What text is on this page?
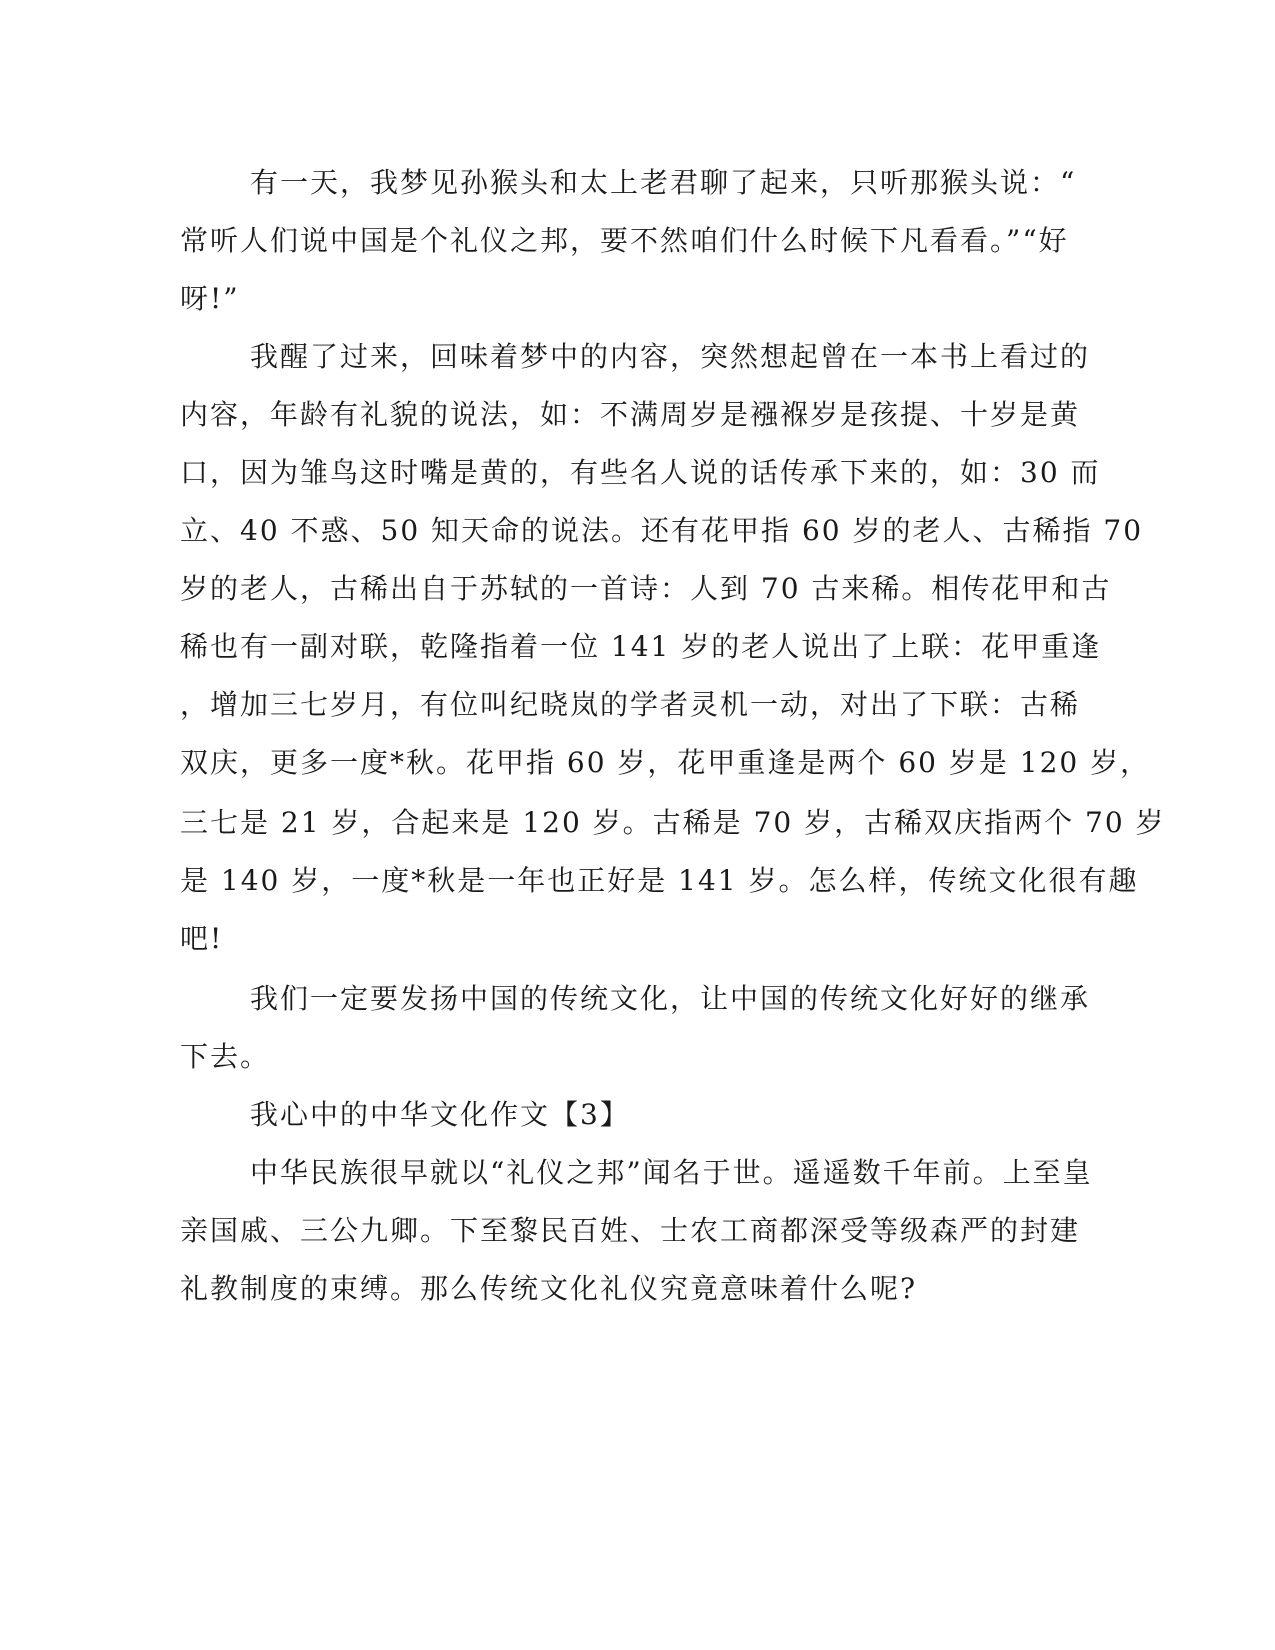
有一天，我梦见孙猴头和太上老君聊了起来，只听那猴头说：“
常听人们说中国是个礼仪之邦，要不然咱们什么时候下凡看看。”“好
呀!”
我醒了过来，回味着梦中的内容，突然想起曾在一本书上看过的
内容，年龄有礼貌的说法，如：不满周岁是襁褓岁是孩提、十岁是黄
口，因为雏鸟这时嘴是黄的，有些名人说的话传承下来的，如：30 而
立、40 不惑、50 知天命的说法。还有花甲指 60 岁的老人、古稀指 70
岁的老人，古稀出自于苏轼的一首诗：人到 70 古来稀。相传花甲和古
稀也有一副对联，乾隆指着一位 141 岁的老人说出了上联：花甲重逢
，增加三七岁月，有位叫纪晓岚的学者灵机一动，对出了下联：古稀
双庆，更多一度*秋。花甲指 60 岁，花甲重逢是两个 60 岁是 120 岁，
三七是 21 岁，合起来是 120 岁。古稀是 70 岁，古稀双庆指两个 70 岁
是 140 岁，一度*秋是一年也正好是 141 岁。怎么样，传统文化很有趣
吧!
我们一定要发扬中国的传统文化，让中国的传统文化好好的继承
下去。
我心中的中华文化作文【3】
中华民族很早就以“礼仪之邦”闻名于世。遥遥数千年前。上至皇
亲国戚、三公九卿。下至黎民百姓、士农工商都深受等级森严的封建
礼教制度的束缚。那么传统文化礼仪究竟意味着什么呢?
